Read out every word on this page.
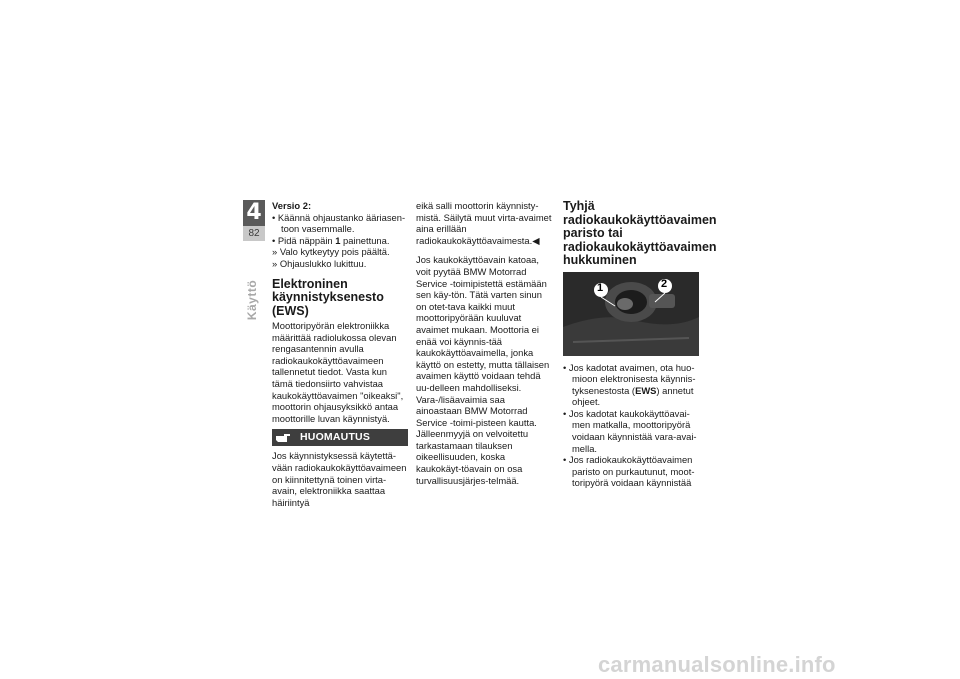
4
82
Käyttö

Versio 2:

• Käännä ohjaustanko ääriasen-toon vasemmalle.

• Pidä näppäin 1 painettuna.

» Valo kytkeytyy pois päältä.

» Ohjauslukko lukittuu.

Elektroninen käynnistyksenesto (EWS)

Moottoripyörän elektroniikka määrittää radiolukossa olevan rengasantennin avulla radiokaukokäyttöavaimeen tallennetut tiedot. Vasta kun tämä tiedonsiirto vahvistaa kaukokäyttöavaimen "oikeaksi", moottorin ohjausyksikkö antaa moottorille luvan käynnistyä.

HUOMAUTUS

Jos käynnistyksessä käytettä-vään radiokaukokäyttöavaimeen on kiinnitettynä toinen virta-avain, elektroniikka saattaa häiriintyä

eikä salli moottorin käynnisty-mistä. Säilytä muut virta-avaimet aina erillään radiokaukokäyttöavaimesta.◀

Jos kaukokäyttöavain katoaa, voit pyytää BMW Motorrad Service -toimipistettä estämään sen käy-tön. Tätä varten sinun on otet-tava kaikki muut moottoripyörään kuuluvat avaimet mukaan. Moottoria ei enää voi käynnis-tää kaukokäyttöavaimella, jonka käyttö on estetty, mutta tällaisen avaimen käyttö voidaan tehdä uu-delleen mahdolliseksi. Vara-/lisäavaimia saa ainoastaan BMW Motorrad Service -toimi-pisteen kautta. Jälleenmyyjä on velvoitettu tarkastamaan tilauksen oikeellisuuden, koska kaukokäyt-töavain on osa turvallisuusjärjes-telmää.

Tyhjä radiokaukokäyttöavaimen paristo tai radiokaukokäyttöavaimen hukkuminen
1	2

• Jos kadotat avaimen, ota huo-mioon elektronisesta käynnis-tyksenestosta (EWS) annetut ohjeet.

• Jos kadotat kaukokäyttöavai-men matkalla, moottoripyörä voidaan käynnistää vara-avai-mella.

• Jos radiokaukokäyttöavaimen paristo on purkautunut, moot-toripyörä voidaan käynnistää

carmanualsonline.info
